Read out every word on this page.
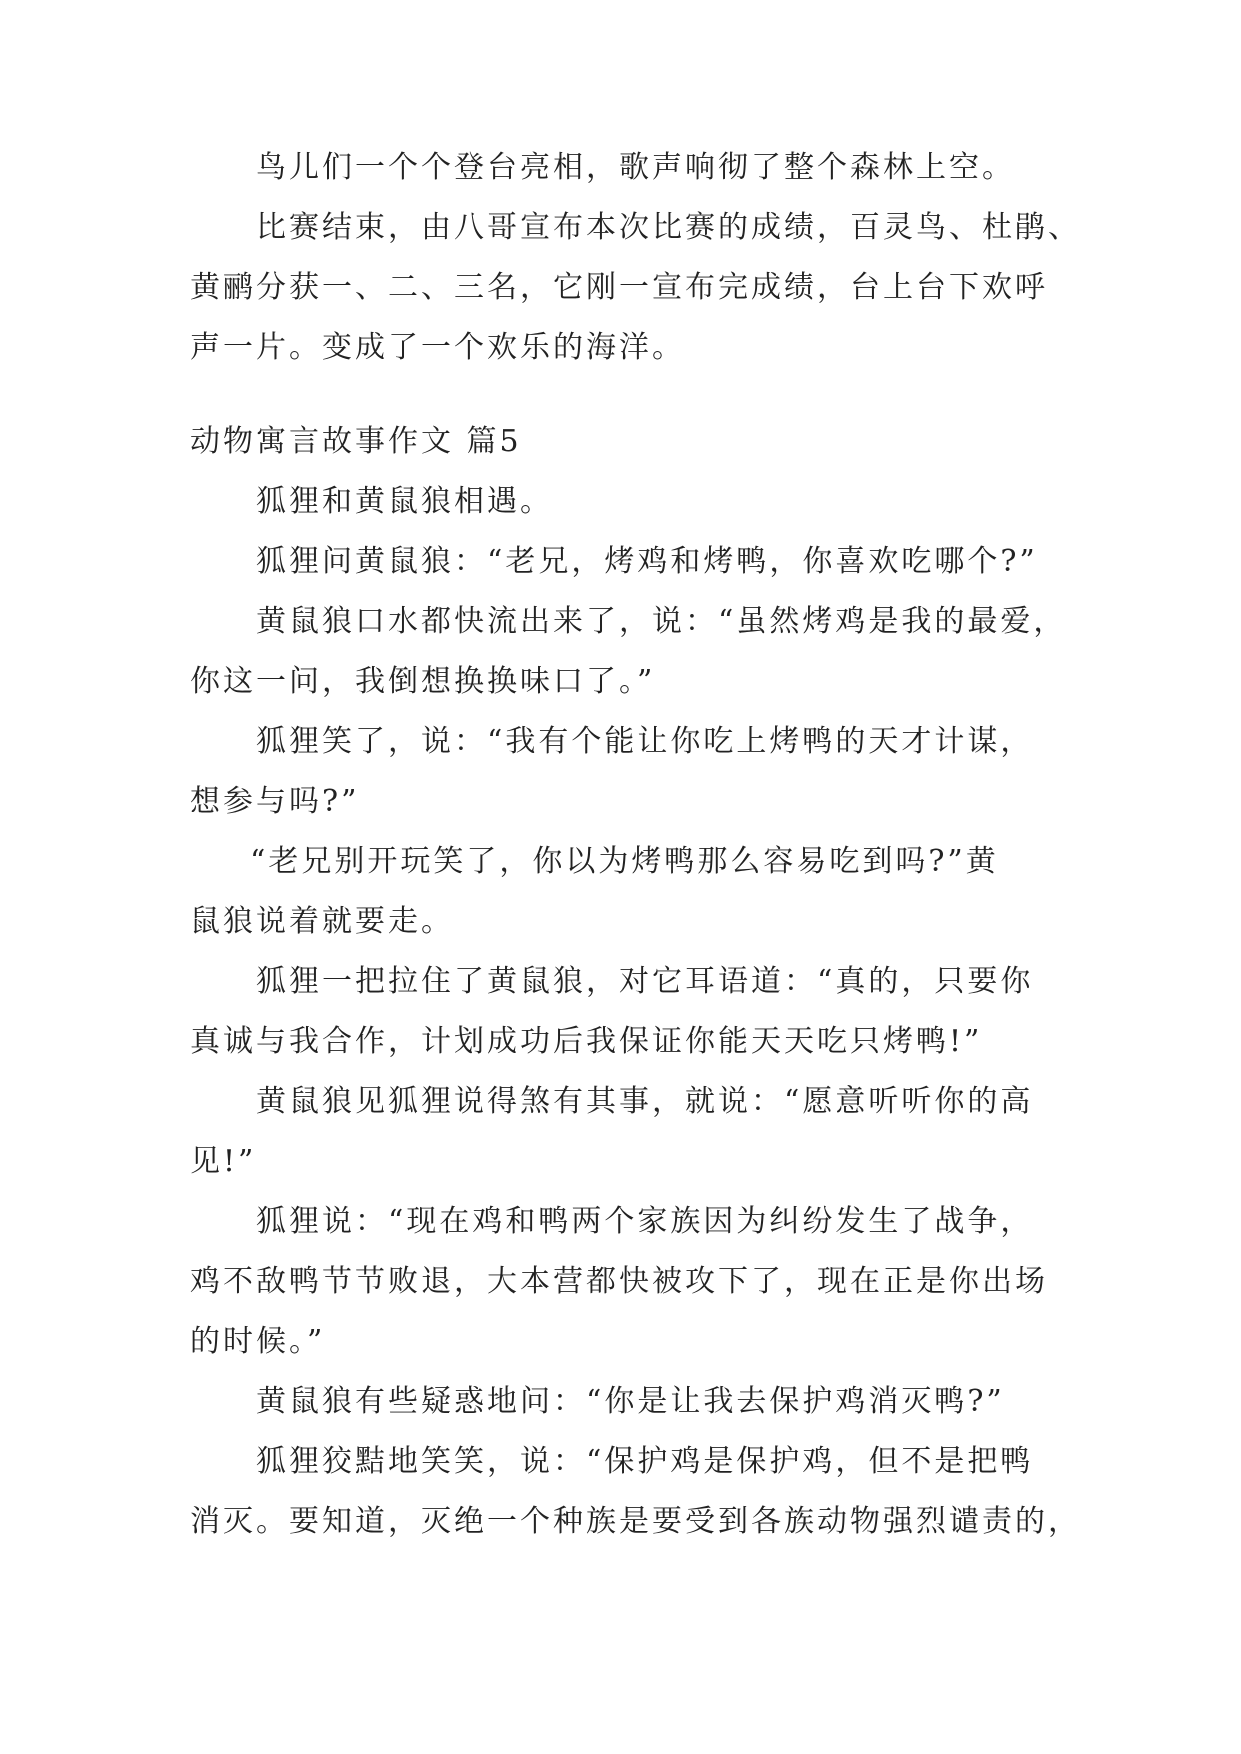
鸟儿们一个个登台亮相，歌声响彻了整个森林上空。
比赛结束，由八哥宣布本次比赛的成绩，百灵鸟、杜鹃、
黄鹂分获一、二、三名，它刚一宣布完成绩，台上台下欢呼
声一片。变成了一个欢乐的海洋。
动物寓言故事作文 篇5
狐狸和黄鼠狼相遇。
狐狸问黄鼠狼：“老兄，烤鸡和烤鸭，你喜欢吃哪个?”
黄鼠狼口水都快流出来了，说：“虽然烤鸡是我的最爱，
你这一问，我倒想换换味口了。”
狐狸笑了，说：“我有个能让你吃上烤鸭的天才计谋，
想参与吗?”
“老兄别开玩笑了，你以为烤鸭那么容易吃到吗?”黄
鼠狼说着就要走。
狐狸一把拉住了黄鼠狼，对它耳语道：“真的，只要你
真诚与我合作，计划成功后我保证你能天天吃只烤鸭!”
黄鼠狼见狐狸说得煞有其事，就说：“愿意听听你的高
见!”
狐狸说：“现在鸡和鸭两个家族因为纠纷发生了战争，
鸡不敌鸭节节败退，大本营都快被攻下了，现在正是你出场
的时候。”
黄鼠狼有些疑惑地问：“你是让我去保护鸡消灭鸭?”
狐狸狡黠地笑笑，说：“保护鸡是保护鸡，但不是把鸭
消灭。要知道，灭绝一个种族是要受到各族动物强烈谴责的，
